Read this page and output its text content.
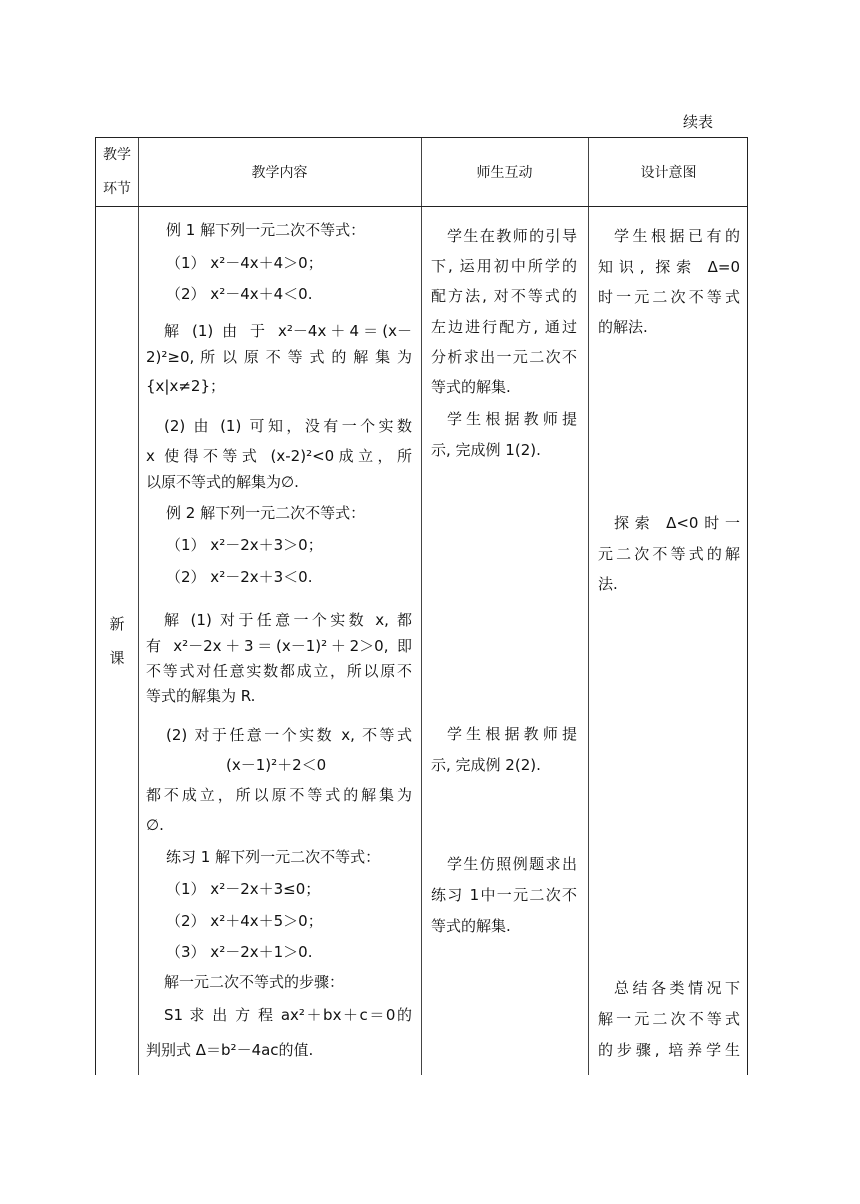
续表
教学
环节
教学内容	师生互动	设计意图
新
课
例 1 解下列一元二次不等式：
（1） x²－4x＋4＞0；
（2） x²－4x＋4＜0.
解 (1) 由 于 x²－4x＋4＝(x－
2)²≥0, 所 以 原 不 等 式 的 解 集 为
{x|x≠2}；
(2) 由 (1) 可知，没有一个实数
x 使得不等式 (x-2)²<0成立，所
以原不等式的解集为∅.
例 2 解下列一元二次不等式：
（1） x²－2x＋3＞0；
（2） x²－2x＋3＜0.
解 (1) 对于任意一个实数 x, 都
有 x²－2x＋3＝(x－1)²＋2＞0, 即
不等式对任意实数都成立，所以原不
等式的解集为 R.
(2) 对于任意一个实数 x, 不等式
(x－1)²＋2＜0
都不成立，所以原不等式的解集为
∅.
练习 1 解下列一元二次不等式：
（1） x²－2x＋3≤0；
（2） x²＋4x＋5＞0；
（3） x²－2x＋1＞0.
解一元二次不等式的步骤：
S1 求 出 方 程 ax²＋bx＋c＝0的
判别式 Δ＝b²－4ac的值.
学生在教师的引导
下, 运用初中所学的
配方法, 对不等式的
左边进行配方, 通过
分析求出一元二次不
等式的解集.
学生根据教师提
示, 完成例 1(2).
学生根据教师提
示, 完成例 2(2).
学生仿照例题求出
练习 1中一元二次不
等式的解集.
学生根据已有的
知识, 探索 Δ=0
时一元二次不等式
的解法.
探索 Δ<0时一
元二次不等式的解
法.
总结各类情况下
解一元二次不等式
的步骤, 培养学生
